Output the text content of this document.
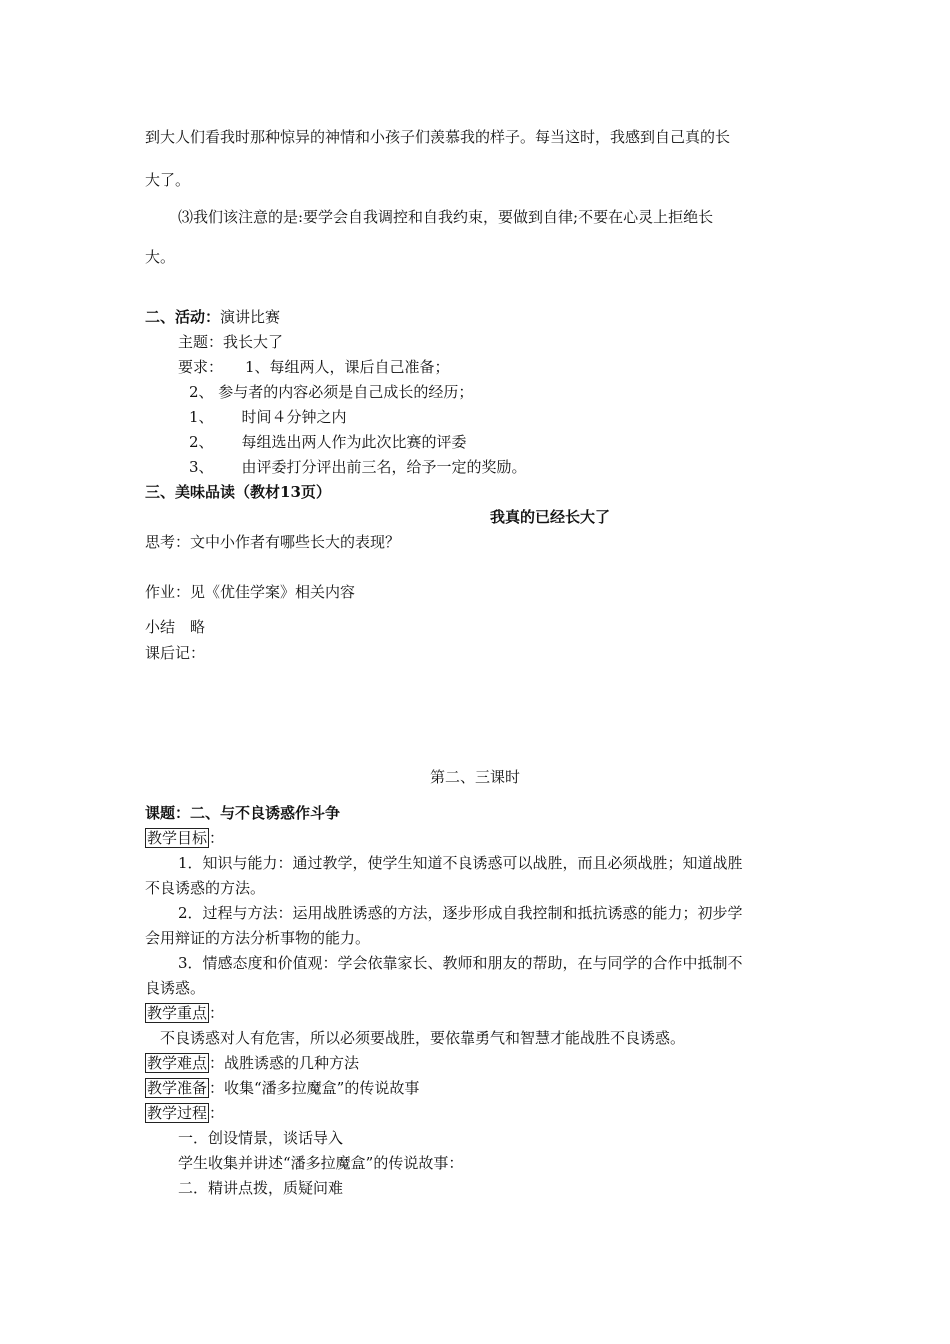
到大人们看我时那种惊异的神情和小孩子们羡慕我的样子。每当这时，我感到自己真的长
大了。
⑶我们该注意的是:要学会自我调控和自我约束，要做到自律;不要在心灵上拒绝长
大。
二、活动：演讲比赛
主题：我长大了
要求： 1、每组两人，课后自己准备；
2、 参与者的内容必须是自己成长的经历；
1、 时间４分钟之内
2、 每组选出两人作为此次比赛的评委
3、 由评委打分评出前三名，给予一定的奖励。
三、美味品读（教材13页）
我真的已经长大了
思考：文中小作者有哪些长大的表现？
作业：见《优佳学案》相关内容
小结　略
课后记：
第二、三课时
课题：二、与不良诱惑作斗争
教学目标 ：
1．知识与能力：通过教学，使学生知道不良诱惑可以战胜，而且必须战胜；知道战胜
不良诱惑的方法。
2．过程与方法：运用战胜诱惑的方法，逐步形成自我控制和抵抗诱惑的能力；初步学
会用辩证的方法分析事物的能力。
3．情感态度和价值观：学会依靠家长、教师和朋友的帮助，在与同学的合作中抵制不
良诱惑。
教学重点 ：
不良诱惑对人有危害，所以必须要战胜，要依靠勇气和智慧才能战胜不良诱惑。
教学难点 ：战胜诱惑的几种方法
教学准备 ：收集“潘多拉魔盒”的传说故事
教学过程 ：
一．创设情景，谈话导入
学生收集并讲述“潘多拉魔盒”的传说故事：
二．精讲点拨，质疑问难
